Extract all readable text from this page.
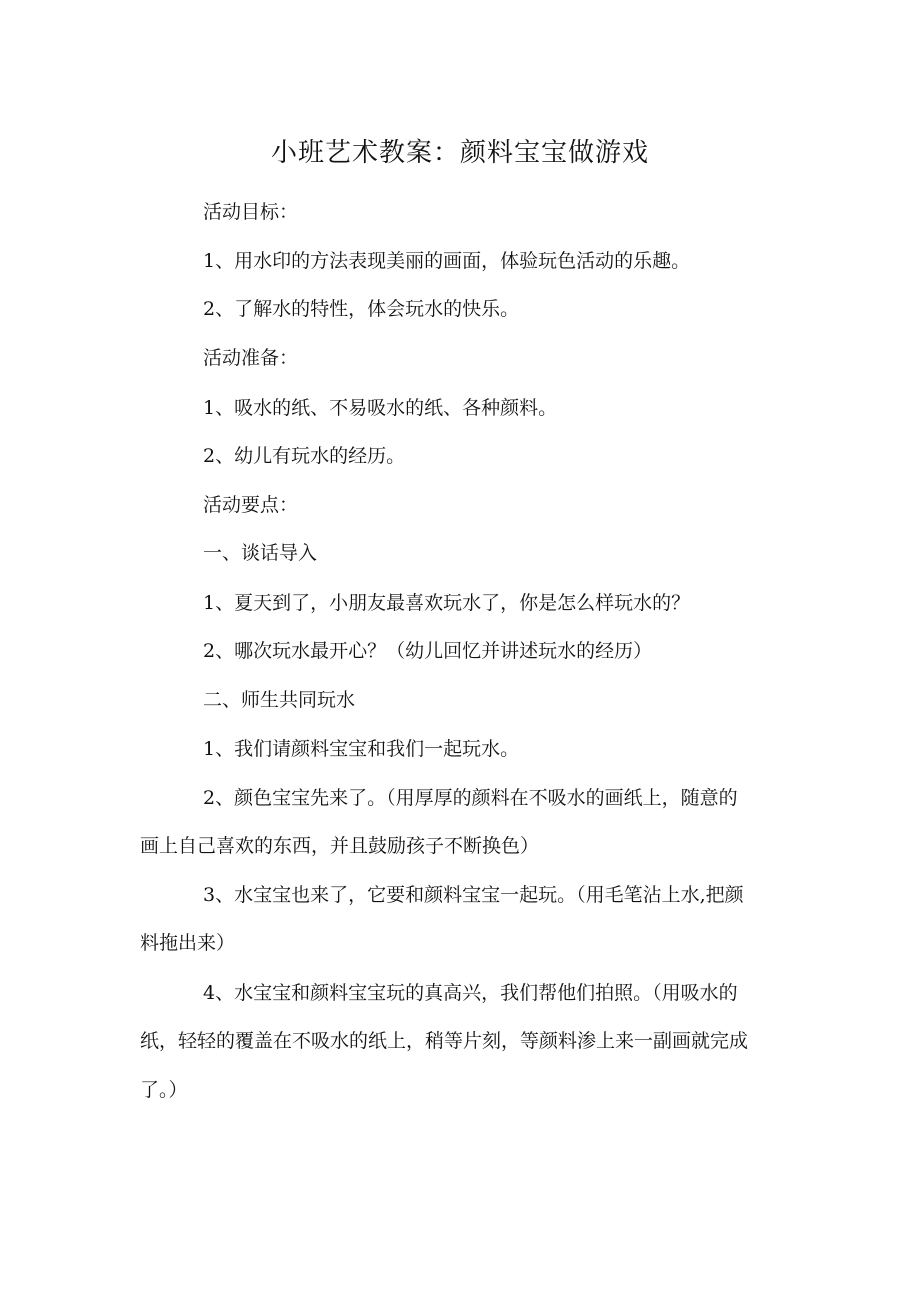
小班艺术教案：颜料宝宝做游戏

活动目标：

1、用水印的方法表现美丽的画面，体验玩色活动的乐趣。

2、了解水的特性，体会玩水的快乐。

活动准备：

1、吸水的纸、不易吸水的纸、各种颜料。

2、幼儿有玩水的经历。

活动要点：

一、谈话导入

1、夏天到了，小朋友最喜欢玩水了，你是怎么样玩水的？

2、哪次玩水最开心？（幼儿回忆并讲述玩水的经历）

二、师生共同玩水

1、我们请颜料宝宝和我们一起玩水。

2、颜色宝宝先来了。（用厚厚的颜料在不吸水的画纸上，随意的

画上自己喜欢的东西，并且鼓励孩子不断换色）

3、水宝宝也来了，它要和颜料宝宝一起玩。（用毛笔沾上水,把颜

料拖出来）

4、水宝宝和颜料宝宝玩的真高兴，我们帮他们拍照。（用吸水的

纸，轻轻的覆盖在不吸水的纸上，稍等片刻，等颜料渗上来一副画就完成

了。）
